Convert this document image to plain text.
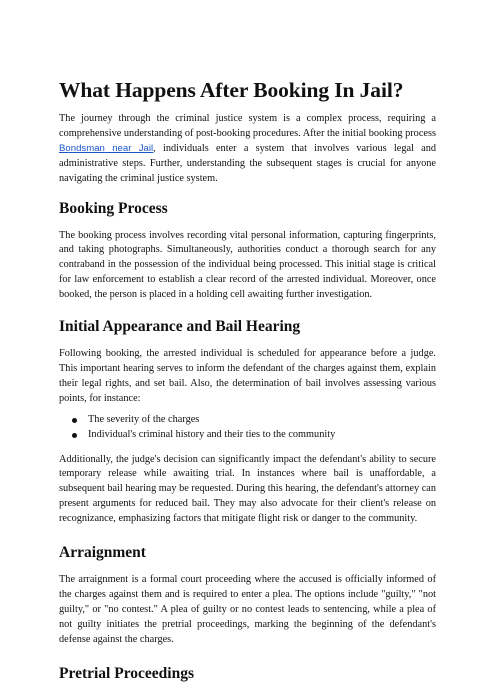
What Happens After Booking In Jail?

The journey through the criminal justice system is a complex process, requiring a comprehensive understanding of post-booking procedures. After the initial booking process Bondsman near Jail, individuals enter a system that involves various legal and administrative steps. Further, understanding the subsequent stages is crucial for anyone navigating the criminal justice system.

Booking Process

The booking process involves recording vital personal information, capturing fingerprints, and taking photographs. Simultaneously, authorities conduct a thorough search for any contraband in the possession of the individual being processed. This initial stage is critical for law enforcement to establish a clear record of the arrested individual. Moreover, once booked, the person is placed in a holding cell awaiting further investigation.

Initial Appearance and Bail Hearing

Following booking, the arrested individual is scheduled for appearance before a judge. This important hearing serves to inform the defendant of the charges against them, explain their legal rights, and set bail. Also, the determination of bail involves assessing various points, for instance:

The severity of the charges
Individual's criminal history and their ties to the community

Additionally, the judge's decision can significantly impact the defendant's ability to secure temporary release while awaiting trial. In instances where bail is unaffordable, a subsequent bail hearing may be requested. During this hearing, the defendant's attorney can present arguments for reduced bail. They may also advocate for their client's release on recognizance, emphasizing factors that mitigate flight risk or danger to the community.

Arraignment

The arraignment is a formal court proceeding where the accused is officially informed of the charges against them and is required to enter a plea. The options include "guilty," "not guilty," or "no contest." A plea of guilty or no contest leads to sentencing, while a plea of not guilty initiates the pretrial proceedings, marking the beginning of the defendant's defense against the charges.

Pretrial Proceedings
